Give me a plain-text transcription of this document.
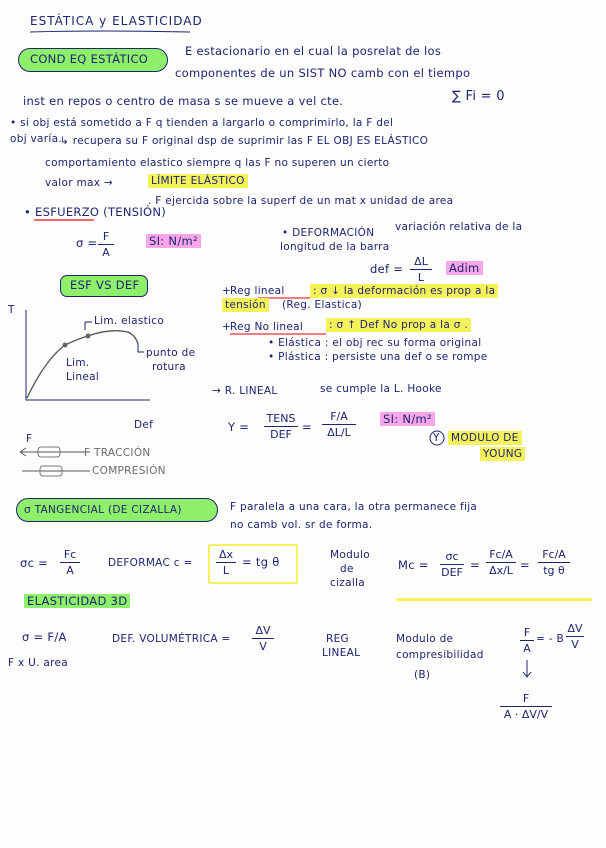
ESTÁTICA y ELASTICIDAD
COND EQ ESTÁTICO
E estacionario en el cual la posrelat de los
componentes de un SIST NO camb con el tiempo
inst en repos o centro de masa s se mueve a vel cte.	∑ Fi = 0
• si obj está sometido a F q tienden a largarlo o comprimirlo, la F del
obj varía.
↳ recupera su F original dsp de suprimir las F EL OBJ ES ELÁSTICO
comportamiento elastico siempre q las F no superen un cierto
valor max →	LÍMITE ELÁSTICO
• ESFUERZO (TENSIÓN)
. F ejercida sobre la superf de un mat x unidad de area
σ = F
A
SI: N/m²
• DEFORMACIÓN variación relativa de la
longitud de la barra
def =
ΔL
L
Adim
ESF VS DEF
T
Def
Lim. elastico
punto de
rotura
Lim.
Lineal
+
Reg lineal	: σ ↓ la deformación es prop a la
tensión (Reg. Elastica)
+
Reg No lineal : σ ↑ Def No prop a la σ .
• Elástica : el obj rec su forma original
• Plástica : persiste una def o se rompe
F
F TRACCIÓN
COMPRESIÓN
→ R. LINEAL	se cumple la L. Hooke
Y =
TENS
DEF
=
F/A
ΔL/L
SI: N/m²
Y MODULO DE
YOUNG
σ TANGENCIAL (DE CIZALLA)	F paralela a una cara, la otra permanece fija
no camb vol. sr de forma.
σc =
Fc
A
DEFORMAC c =
Δx
L
= tg θ	Modulo
de
cizalla
Mc =
σc
DEF
=
Fc/A
Δx/L =
Fc/A
tg θ
ELASTICIDAD 3D
σ = F/A
F x U. area
DEF. VOLUMÉTRICA =
ΔV
V
REG
LINEAL
Modulo de
compresibilidad
(B)
F
A
= - B
ΔV
V
F
A · ΔV/V
